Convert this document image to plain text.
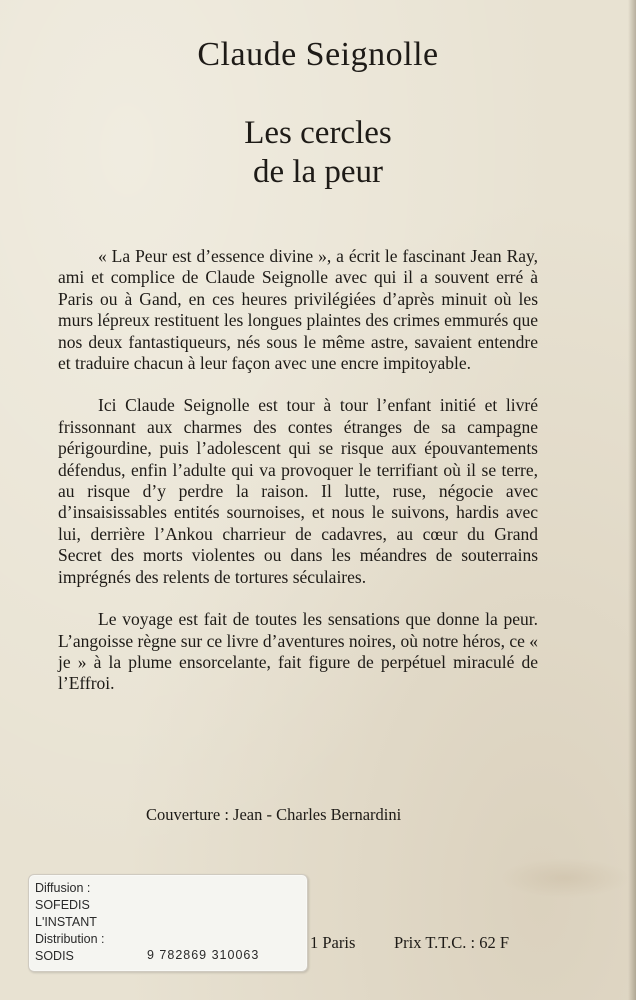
Claude Seignolle
Les cercles
de la peur

« La Peur est d’essence divine », a écrit le fascinant Jean Ray, ami et complice de Claude Seignolle avec qui il a souvent erré à Paris ou à Gand, en ces heures privilégiées d’après minuit où les murs lépreux restituent les longues plaintes des crimes emmurés que nos deux fantastiqueurs, nés sous le même astre, savaient entendre et traduire chacun à leur façon avec une encre impitoyable.

Ici Claude Seignolle est tour à tour l’enfant initié et livré frissonnant aux charmes des contes étranges de sa campagne périgourdine, puis l’adolescent qui se risque aux épouvantements défendus, enfin l’adulte qui va provoquer le terrifiant où il se terre, au risque d’y perdre la raison. Il lutte, ruse, négocie avec d’insaisissables entités sournoises, et nous le suivons, hardis avec lui, derrière l’Ankou charrieur de cadavres, au cœur du Grand Secret des morts violentes ou dans les méandres de souterrains imprégnés des relents de tortures séculaires.

Le voyage est fait de toutes les sensations que donne la peur. L’angoisse règne sur ce livre d’aventures noires, où notre héros, ce « je » à la plume ensorcelante, fait figure de perpétuel miraculé de l’Effroi.

Couverture : Jean - Charles Bernardini
1 Paris Prix T.T.C. : 62 F
Diffusion :
SOFEDIS
L'INSTANT
Distribution :
SODIS	9 782869 310063
